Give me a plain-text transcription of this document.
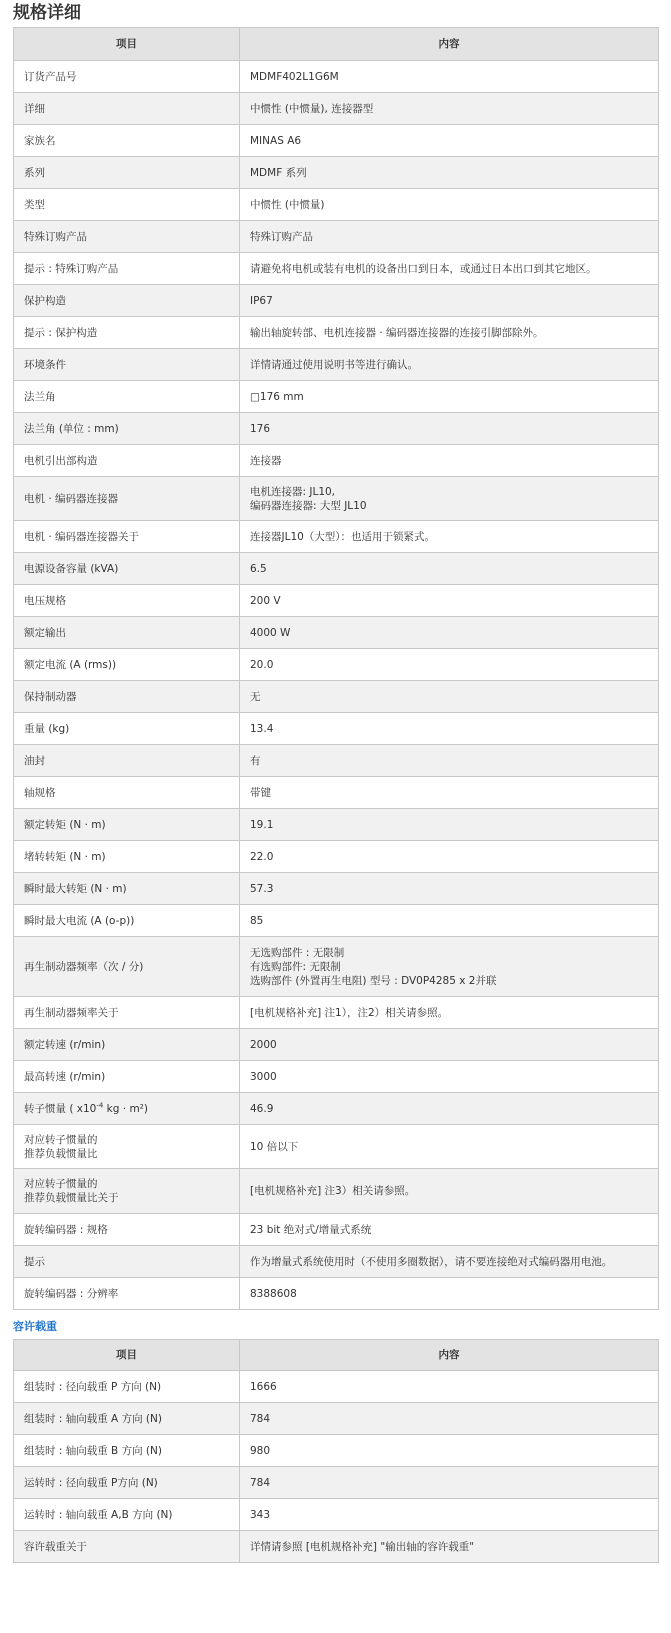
规格详细
项目	内容
订货产品号	MDMF402L1G6M
详细	中惯性 (中惯量), 连接器型
家族名	MINAS A6
系列	MDMF 系列
类型	中惯性 (中惯量)
特殊订购产品	特殊订购产品
提示 : 特殊订购产品	请避免将电机或装有电机的设备出口到日本，或通过日本出口到其它地区。
保护构造	IP67
提示 : 保护构造	输出轴旋转部、电机连接器 · 编码器连接器的连接引脚部除外。
环境条件	详情请通过使用说明书等进行确认。
法兰角	□176 mm
法兰角 (单位 : mm)	176
电机引出部构造	连接器
电机 · 编码器连接器	电机连接器: JL10,
编码器连接器: 大型 JL10

电机 · 编码器连接器关于	连接器JL10（大型）：也适用于锁紧式。
电源设备容量 (kVA)	6.5
电压规格	200 V
额定输出	4000 W
额定电流 (A (rms))	20.0
保持制动器	无
重量 (kg)	13.4
油封	有
轴规格	带键
额定转矩 (N · m)	19.1
堵转转矩 (N · m)	22.0
瞬时最大转矩 (N · m)	57.3
瞬时最大电流 (A (o-p))	85
再生制动器频率（次 / 分)	无选购部件 : 无限制
有选购部件: 无限制
选购部件 (外置再生电阻) 型号 : DV0P4285 x 2并联

再生制动器频率关于	[电机规格补充] 注1），注2）相关请参照。
额定转速 (r/min)	2000
最高转速 (r/min)	3000
转子惯量 ( $x10^{-4}$ kg · m²)	46.9

对应转子惯量的
推荐负载惯量比	10 倍以下

对应转子惯量的
推荐负载惯量比关于	[电机规格补充] 注3）相关请参照。
旋转编码器 : 规格	23 bit 绝对式/增量式系统
提示	作为增量式系统使用时（不使用多圈数据），请不要连接绝对式编码器用电池。
旋转编码器 : 分辨率	8388608
容许载重
项目	内容
组装时 : 径向载重 P 方向 (N)	1666
组装时 : 轴向载重 A 方向 (N)	784
组装时 : 轴向载重 B 方向 (N)	980
运转时 : 径向载重 P方向 (N)	784
运转时 : 轴向载重 A,B 方向 (N)	343
容许载重关于	详情请参照 [电机规格补充] "输出轴的容许载重"
